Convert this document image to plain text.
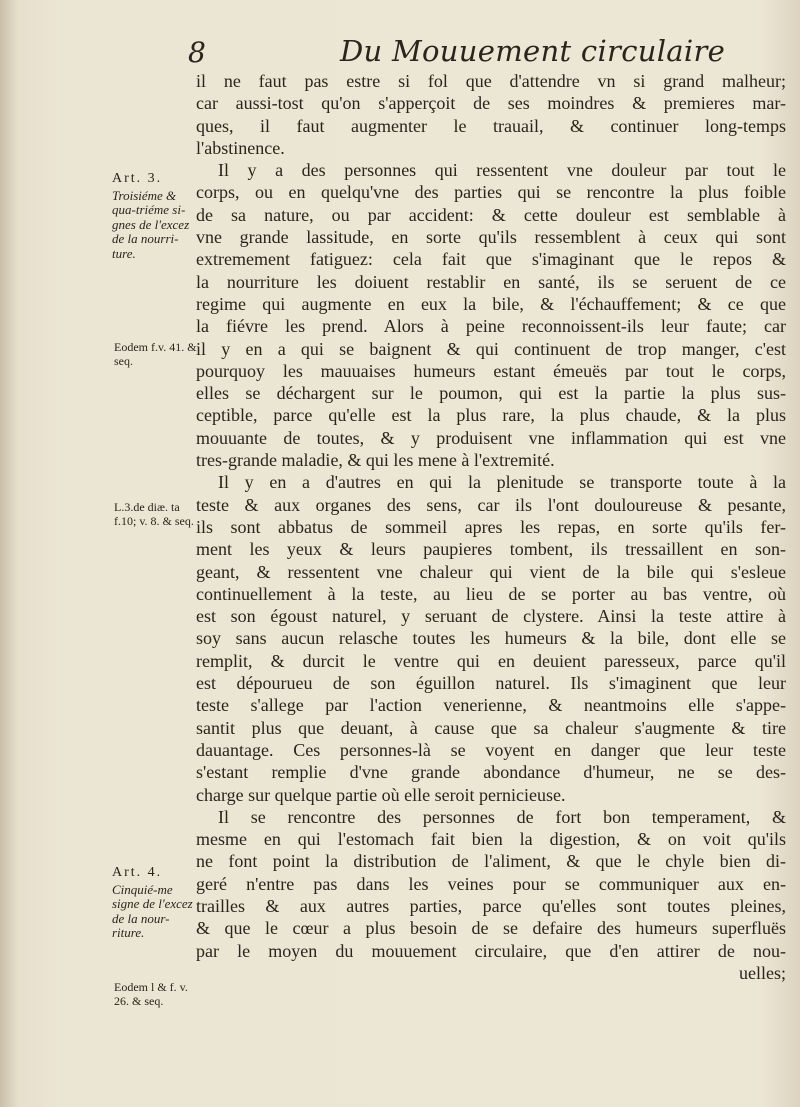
8	Du Mouuement circulaire
Art. 3.
Troisiéme & qua-triéme si-gnes de l'excez de la nourri-ture.
Eodem f.v. 41. & seq.
L.3.de diæ. ta f.10; v. 8. & seq.
Art. 4.
Cinquié-me signe de l'excez de la nour-riture.
Eodem l & f. v. 26. & seq.
il ne faut pas estre si fol que d'attendre vn si grand malheur;
car aussi-tost qu'on s'apperçoit de ses moindres & premieres mar-
ques, il faut augmenter le trauail, & continuer long-temps
l'abstinence.
Il y a des personnes qui ressentent vne douleur par tout le
corps, ou en quelqu'vne des parties qui se rencontre la plus foible
de sa nature, ou par accident: & cette douleur est semblable à
vne grande lassitude, en sorte qu'ils ressemblent à ceux qui sont
extremement fatiguez: cela fait que s'imaginant que le repos &
la nourriture les doiuent restablir en santé, ils se seruent de ce
regime qui augmente en eux la bile, & l'échauffement; & ce que
la fiévre les prend. Alors à peine reconnoissent-ils leur faute; car
il y en a qui se baignent & qui continuent de trop manger, c'est
pourquoy les mauuaises humeurs estant émeuës par tout le corps,
elles se déchargent sur le poumon, qui est la partie la plus sus-
ceptible, parce qu'elle est la plus rare, la plus chaude, & la plus
mouuante de toutes, & y produisent vne inflammation qui est vne
tres-grande maladie, & qui les mene à l'extremité.
Il y en a d'autres en qui la plenitude se transporte toute à la
teste & aux organes des sens, car ils l'ont douloureuse & pesante,
ils sont abbatus de sommeil apres les repas, en sorte qu'ils fer-
ment les yeux & leurs paupieres tombent, ils tressaillent en son-
geant, & ressentent vne chaleur qui vient de la bile qui s'esleue
continuellement à la teste, au lieu de se porter au bas ventre, où
est son égoust naturel, y seruant de clystere. Ainsi la teste attire à
soy sans aucun relasche toutes les humeurs & la bile, dont elle se
remplit, & durcit le ventre qui en deuient paresseux, parce qu'il
est dépourueu de son éguillon naturel. Ils s'imaginent que leur
teste s'allege par l'action venerienne, & neantmoins elle s'appe-
santit plus que deuant, à cause que sa chaleur s'augmente & tire
dauantage. Ces personnes-là se voyent en danger que leur teste
s'estant remplie d'vne grande abondance d'humeur, ne se des-
charge sur quelque partie où elle seroit pernicieuse.
Il se rencontre des personnes de fort bon temperament, &
mesme en qui l'estomach fait bien la digestion, & on voit qu'ils
ne font point la distribution de l'aliment, & que le chyle bien di-
geré n'entre pas dans les veines pour se communiquer aux en-
trailles & aux autres parties, parce qu'elles sont toutes pleines,
& que le cœur a plus besoin de se defaire des humeurs superfluës
par le moyen du mouuement circulaire, que d'en attirer de nou-
uelles;
